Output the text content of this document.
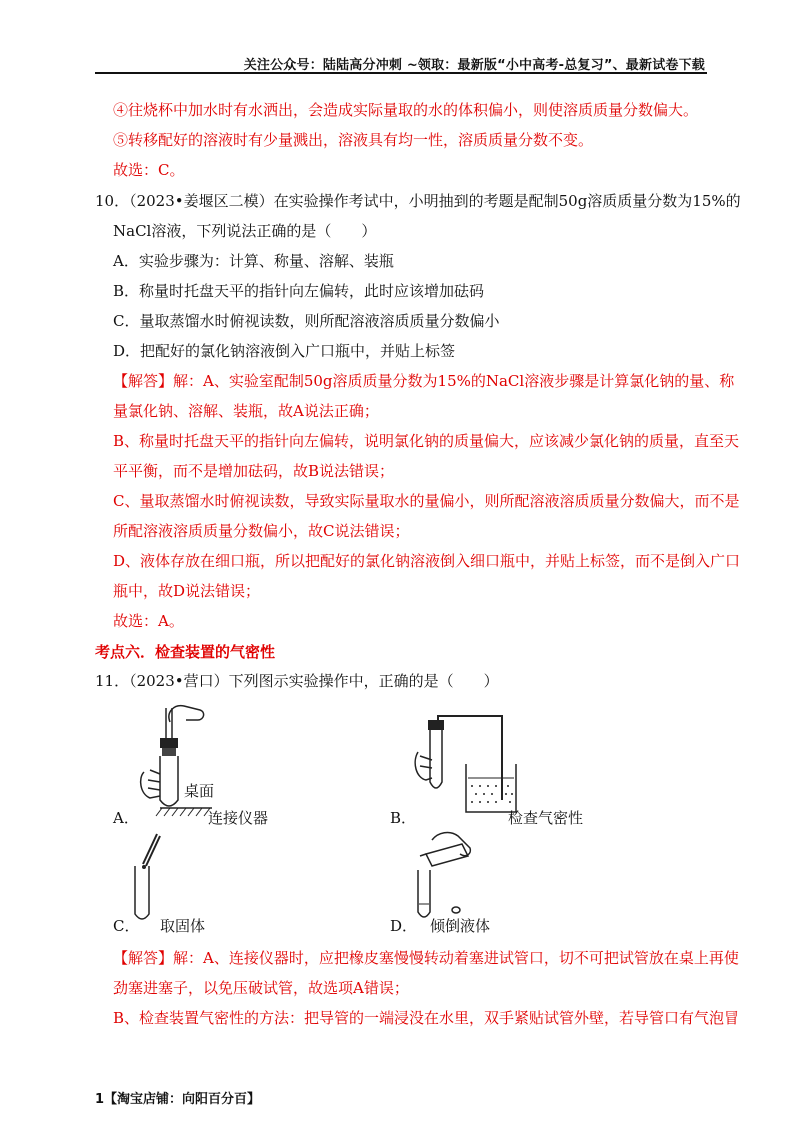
关注公众号：陆陆高分冲刺 ~领取：最新版“小中高考-总复习”、最新试卷下载
④往烧杯中加水时有水洒出，会造成实际量取的水的体积偏小，则使溶质质量分数偏大。
⑤转移配好的溶液时有少量溅出，溶液具有均一性，溶质质量分数不变。
故选：C。
10．（2023•姜堰区二模）在实验操作考试中，小明抽到的考题是配制50g溶质质量分数为15%的
NaCl溶液，下列说法正确的是（　　）
A．实验步骤为：计算、称量、溶解、装瓶
B．称量时托盘天平的指针向左偏转，此时应该增加砝码
C．量取蒸馏水时俯视读数，则所配溶液溶质质量分数偏小
D．把配好的氯化钠溶液倒入广口瓶中，并贴上标签
【解答】解：A、实验室配制50g溶质质量分数为15%的NaCl溶液步骤是计算氯化钠的量、称
量氯化钠、溶解、装瓶，故A说法正确；
B、称量时托盘天平的指针向左偏转，说明氯化钠的质量偏大，应该减少氯化钠的质量，直至天
平平衡，而不是增加砝码，故B说法错误；
C、量取蒸馏水时俯视读数，导致实际量取水的量偏小，则所配溶液溶质质量分数偏大，而不是
所配溶液溶质质量分数偏小，故C说法错误；
D、液体存放在细口瓶，所以把配好的氯化钠溶液倒入细口瓶中，并贴上标签，而不是倒入广口
瓶中，故D说法错误；
故选：A。
考点六．检查装置的气密性
11．（2023•营口）下列图示实验操作中，正确的是（　　）
桌面
A．	连接仪器	B．	检查气密性
C． 取固体	D． 倾倒液体
【解答】解：A、连接仪器时，应把橡皮塞慢慢转动着塞进试管口，切不可把试管放在桌上再使
劲塞进塞子，以免压破试管，故选项A错误；
B、检查装置气密性的方法：把导管的一端浸没在水里，双手紧贴试管外壁，若导管口有气泡冒
1【淘宝店铺：向阳百分百】
